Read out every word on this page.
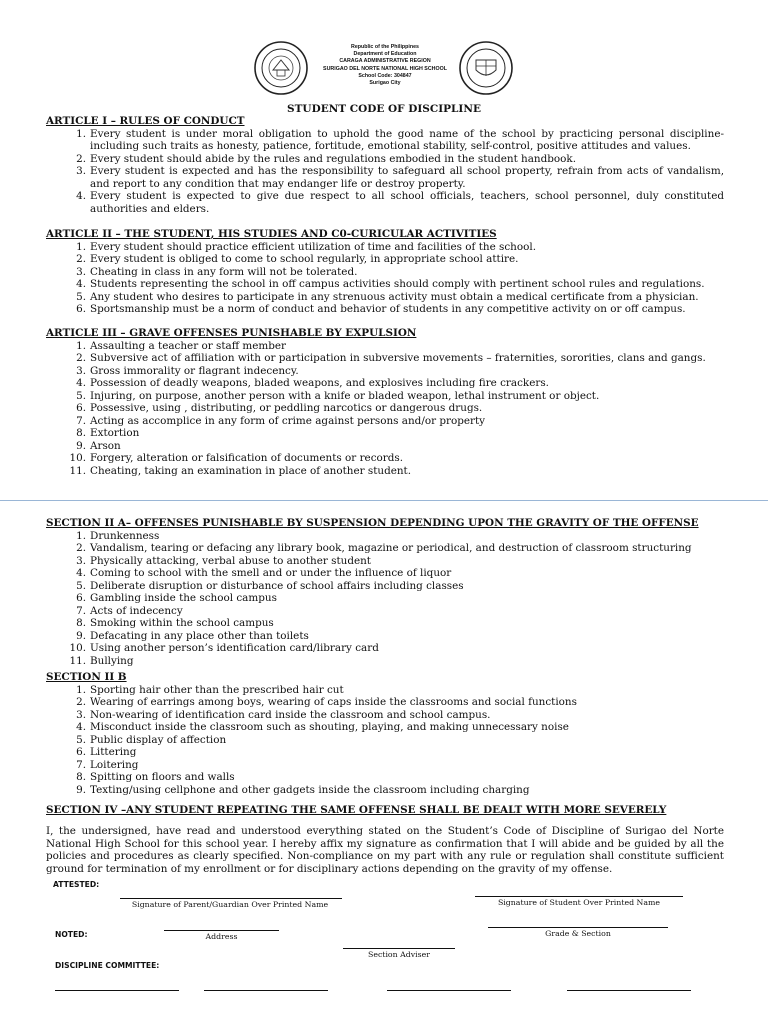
Republic of the Philippines
Department of Education
CARAGA ADMINISTRATIVE REGION
SURIGAO DEL NORTE NATIONAL HIGH SCHOOL
School Code: 304847
Surigao City
STUDENT CODE OF DISCIPLINE
ARTICLE I – RULES OF CONDUCT
1. Every student is under moral obligation to uphold the good name of the school by practicing personal discipline- including such traits as honesty, patience, fortitude, emotional stability, self-control, positive attitudes and values.
2. Every student should abide by the rules and regulations embodied in the student handbook.
3. Every student is expected and has the responsibility to safeguard all school property, refrain from acts of vandalism, and report to any condition that may endanger life or destroy property.
4. Every student is expected to give due respect to all school officials, teachers, school personnel, duly constituted authorities and elders.
ARTICLE II – THE STUDENT, HIS STUDIES AND C0-CURICULAR ACTIVITIES
1. Every student should practice efficient utilization of time and facilities of the school.
2. Every student is obliged to come to school regularly, in appropriate school attire.
3. Cheating in class in any form will not be tolerated.
4. Students representing the school in off campus activities should comply with pertinent school rules and regulations.
5. Any student who desires to participate in any strenuous activity must obtain a medical certificate from a physician.
6. Sportsmanship must be a norm of conduct and behavior of students in any competitive activity on or off campus.
ARTICLE III – GRAVE OFFENSES PUNISHABLE BY EXPULSION
1. Assaulting a teacher or staff member
2. Subversive act of affiliation with or participation in subversive movements – fraternities, sororities, clans and gangs.
3. Gross immorality or flagrant indecency.
4. Possession of deadly weapons, bladed weapons, and explosives including fire crackers.
5. Injuring, on purpose, another person with a knife or bladed weapon, lethal instrument or object.
6. Possessive, using , distributing, or peddling narcotics or dangerous drugs.
7. Acting as accomplice in any form of crime against persons and/or property
8. Extortion
9. Arson
10. Forgery, alteration or falsification of documents or records.
11. Cheating, taking an examination in place of another student.
SECTION II A– OFFENSES PUNISHABLE BY SUSPENSION DEPENDING UPON THE GRAVITY OF THE OFFENSE
1. Drunkenness
2. Vandalism, tearing or defacing any library book, magazine or periodical, and destruction of classroom structuring
3. Physically attacking, verbal abuse to another student
4. Coming to school with the smell and or under the influence of liquor
5. Deliberate disruption or disturbance of school affairs including classes
6. Gambling inside the school campus
7. Acts of indecency
8. Smoking within the school campus
9. Defacating in any place other than toilets
10. Using another person’s identification card/library card
11. Bullying
SECTION II B
1. Sporting hair other than the prescribed hair cut
2. Wearing of earrings among boys, wearing of caps inside the classrooms and social functions
3. Non-wearing of identification card inside the classroom and school campus.
4. Misconduct inside the classroom such as shouting, playing, and making unnecessary noise
5. Public display of affection
6. Littering
7. Loitering
8. Spitting on floors and walls
9. Texting/using cellphone and other gadgets inside the classroom including charging
SECTION IV –ANY STUDENT REPEATING THE SAME OFFENSE SHALL BE DEALT WITH MORE SEVERELY
I, the undersigned, have read and understood everything stated on the Student’s Code of Discipline of Surigao del Norte National High School for this school year. I hereby affix my signature as confirmation that I will abide and be guided by all the policies and procedures as clearly specified. Non-compliance on my part with any rule or regulation shall constitute sufficient ground for termination of my enrollment or for disciplinary actions depending on the gravity of my offense.
ATTESTED:
Signature of Parent/Guardian Over Printed Name	Signature of Student Over Printed Name
NOTED:	Address	Grade & Section
Section Adviser
DISCIPLINE COMMITTEE:
